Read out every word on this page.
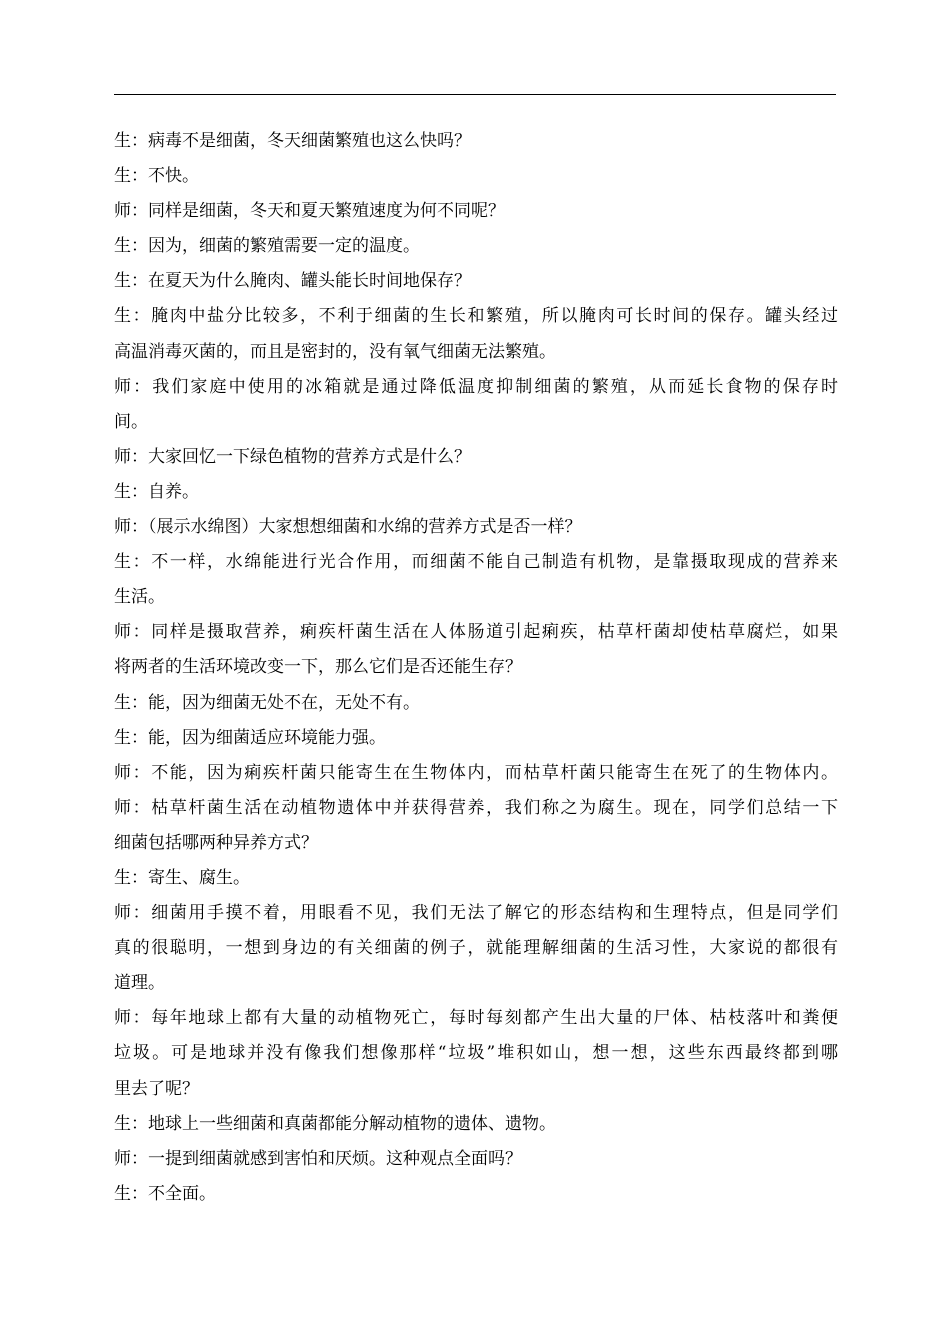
生：病毒不是细菌，冬天细菌繁殖也这么快吗？
生：不快。
师：同样是细菌，冬天和夏天繁殖速度为何不同呢？
生：因为，细菌的繁殖需要一定的温度。
生：在夏天为什么腌肉、罐头能长时间地保存？
生：腌肉中盐分比较多，不利于细菌的生长和繁殖，所以腌肉可长时间的保存。罐头经过
高温消毒灭菌的，而且是密封的，没有氧气细菌无法繁殖。
师：我们家庭中使用的冰箱就是通过降低温度抑制细菌的繁殖，从而延长食物的保存时
间。
师：大家回忆一下绿色植物的营养方式是什么？
生：自养。
师：（展示水绵图）大家想想细菌和水绵的营养方式是否一样？
生：不一样，水绵能进行光合作用，而细菌不能自己制造有机物，是靠摄取现成的营养来
生活。
师：同样是摄取营养，痢疾杆菌生活在人体肠道引起痢疾，枯草杆菌却使枯草腐烂，如果
将两者的生活环境改变一下，那么它们是否还能生存？
生：能，因为细菌无处不在，无处不有。
生：能，因为细菌适应环境能力强。
师：不能，因为痢疾杆菌只能寄生在生物体内，而枯草杆菌只能寄生在死了的生物体内。
师：枯草杆菌生活在动植物遗体中并获得营养，我们称之为腐生。现在，同学们总结一下
细菌包括哪两种异养方式？
生：寄生、腐生。
师：细菌用手摸不着，用眼看不见，我们无法了解它的形态结构和生理特点，但是同学们
真的很聪明，一想到身边的有关细菌的例子，就能理解细菌的生活习性，大家说的都很有
道理。
师：每年地球上都有大量的动植物死亡，每时每刻都产生出大量的尸体、枯枝落叶和粪便
垃圾。可是地球并没有像我们想像那样“垃圾”堆积如山，想一想，这些东西最终都到哪
里去了呢？
生：地球上一些细菌和真菌都能分解动植物的遗体、遗物。
师：一提到细菌就感到害怕和厌烦。这种观点全面吗？
生：不全面。
